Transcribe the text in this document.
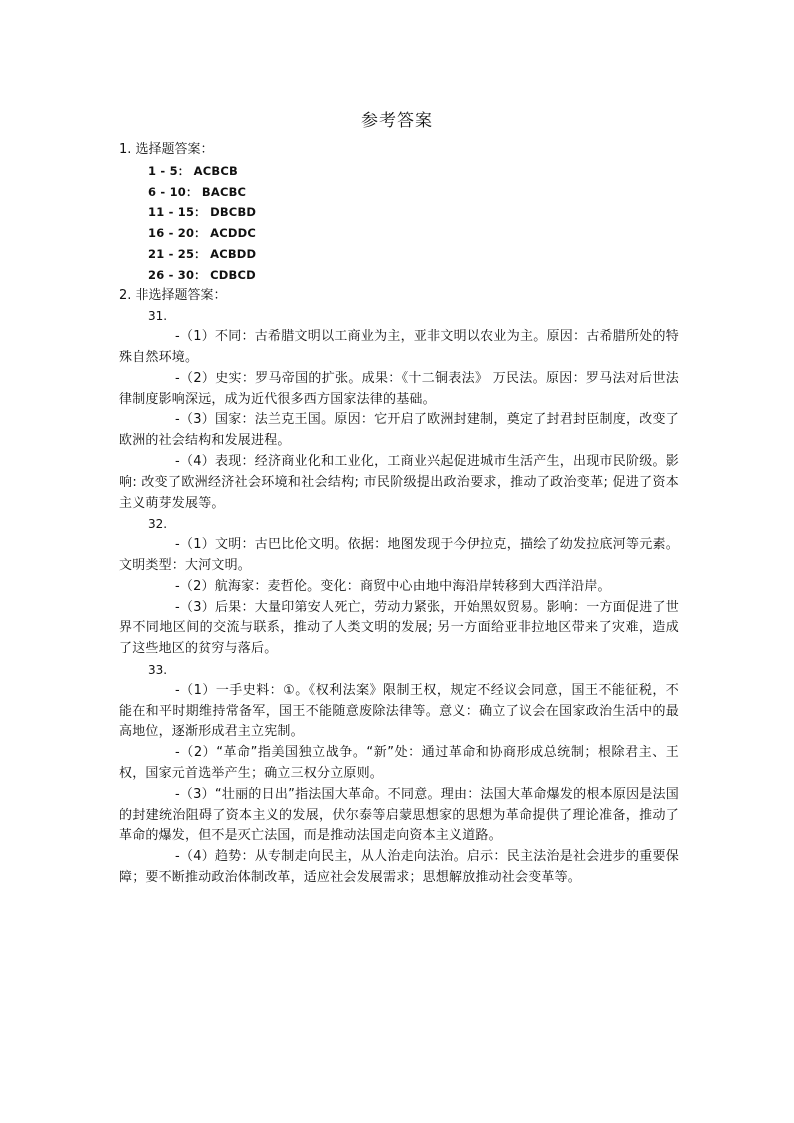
参考答案

1. 选择题答案：

1 - 5： ACBCB
6 - 10： BACBC
11 - 15： DBCBD
16 - 20： ACDDC
21 - 25： ACBDD
26 - 30： CDBCD

2. 非选择题答案：

31.

-（1）不同：古希腊文明以工商业为主，亚非文明以农业为主。原因：古希腊所处的特殊自然环境。

-（2）史实：罗马帝国的扩张。成果：《十二铜表法》 万民法。原因：罗马法对后世法律制度影响深远，成为近代很多西方国家法律的基础。

-（3）国家：法兰克王国。原因：它开启了欧洲封建制，奠定了封君封臣制度，改变了欧洲的社会结构和发展进程。

-（4）表现：经济商业化和工业化，工商业兴起促进城市生活产生，出现市民阶级。影响: 改变了欧洲经济社会环境和社会结构; 市民阶级提出政治要求，推动了政治变革; 促进了资本主义萌芽发展等。

32.

-（1）文明：古巴比伦文明。依据：地图发现于今伊拉克，描绘了幼发拉底河等元素。文明类型：大河文明。

-（2）航海家：麦哲伦。变化：商贸中心由地中海沿岸转移到大西洋沿岸。

-（3）后果：大量印第安人死亡，劳动力紧张，开始黑奴贸易。影响：一方面促进了世界不同地区间的交流与联系，推动了人类文明的发展; 另一方面给亚非拉地区带来了灾难，造成了这些地区的贫穷与落后。

33.

-（1）一手史料：①。《权利法案》限制王权，规定不经议会同意，国王不能征税，不能在和平时期维持常备军，国王不能随意废除法律等。意义：确立了议会在国家政治生活中的最高地位，逐渐形成君主立宪制。

-（2）“革命”指美国独立战争。“新”处：通过革命和协商形成总统制；根除君主、王权，国家元首选举产生；确立三权分立原则。

-（3）“壮丽的日出”指法国大革命。不同意。理由：法国大革命爆发的根本原因是法国的封建统治阻碍了资本主义的发展，伏尔泰等启蒙思想家的思想为革命提供了理论准备，推动了革命的爆发，但不是灭亡法国，而是推动法国走向资本主义道路。

-（4）趋势：从专制走向民主，从人治走向法治。启示：民主法治是社会进步的重要保障；要不断推动政治体制改革，适应社会发展需求；思想解放推动社会变革等。
